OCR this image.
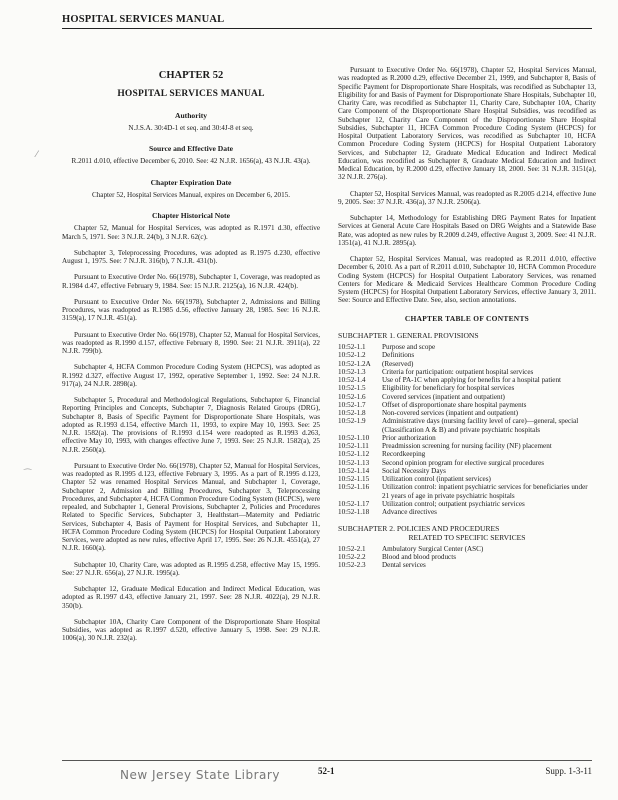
HOSPITAL SERVICES MANUAL
⁄
⁀
CHAPTER 52
HOSPITAL SERVICES MANUAL
Authority
N.J.S.A. 30:4D-1 et seq. and 30:4J-8 et seq.
Source and Effective Date
R.2011 d.010, effective December 6, 2010. See: 42 N.J.R. 1656(a), 43 N.J.R. 43(a).
Chapter Expiration Date
Chapter 52, Hospital Services Manual, expires on December 6, 2015.
Chapter Historical Note

Chapter 52, Manual for Hospital Services, was adopted as R.1971 d.30, effective March 5, 1971. See: 3 N.J.R. 24(b), 3 N.J.R. 62(c).

Subchapter 3, Teleprocessing Procedures, was adopted as R.1975 d.230, effective August 1, 1975. See: 7 N.J.R. 316(b), 7 N.J.R. 431(b).

Pursuant to Executive Order No. 66(1978), Subchapter 1, Coverage, was readopted as R.1984 d.47, effective February 9, 1984. See: 15 N.J.R. 2125(a), 16 N.J.R. 424(b).

Pursuant to Executive Order No. 66(1978), Subchapter 2, Admissions and Billing Procedures, was readopted as R.1985 d.56, effective January 28, 1985. See: 16 N.J.R. 3159(a), 17 N.J.R. 451(a).

Pursuant to Executive Order No. 66(1978), Chapter 52, Manual for Hospital Services, was readopted as R.1990 d.157, effective February 8, 1990. See: 21 N.J.R. 3911(a), 22 N.J.R. 799(b).

Subchapter 4, HCFA Common Procedure Coding System (HCPCS), was adopted as R.1992 d.327, effective August 17, 1992, operative September 1, 1992. See: 24 N.J.R. 917(a), 24 N.J.R. 2898(a).

Subchapter 5, Procedural and Methodological Regulations, Subchapter 6, Financial Reporting Principles and Concepts, Subchapter 7, Diagnosis Related Groups (DRG), Subchapter 8, Basis of Specific Payment for Disproportionate Share Hospitals, was adopted as R.1993 d.154, effective March 11, 1993, to expire May 10, 1993. See: 25 N.J.R. 1582(a). The provisions of R.1993 d.154 were readopted as R.1993 d.263, effective May 10, 1993, with changes effective June 7, 1993. See: 25 N.J.R. 1582(a), 25 N.J.R. 2560(a).

Pursuant to Executive Order No. 66(1978), Chapter 52, Manual for Hospital Services, was readopted as R.1995 d.123, effective February 3, 1995. As a part of R.1995 d.123, Chapter 52 was renamed Hospital Services Manual, and Subchapter 1, Coverage, Subchapter 2, Admission and Billing Procedures, Subchapter 3, Teleprocessing Procedures, and Subchapter 4, HCFA Common Procedure Coding System (HCPCS), were repealed, and Subchapter 1, General Provisions, Subchapter 2, Policies and Procedures Related to Specific Services, Subchapter 3, Healthstart—Maternity and Pediatric Services, Subchapter 4, Basis of Payment for Hospital Services, and Subchapter 11, HCFA Common Procedure Coding System (HCPCS) for Hospital Outpatient Laboratory Services, were adopted as new rules, effective April 17, 1995. See: 26 N.J.R. 4551(a), 27 N.J.R. 1660(a).

Subchapter 10, Charity Care, was adopted as R.1995 d.258, effective May 15, 1995. See: 27 N.J.R. 656(a), 27 N.J.R. 1995(a).

Subchapter 12, Graduate Medical Education and Indirect Medical Education, was adopted as R.1997 d.43, effective January 21, 1997. See: 28 N.J.R. 4022(a), 29 N.J.R. 350(b).

Subchapter 10A, Charity Care Component of the Disproportionate Share Hospital Subsidies, was adopted as R.1997 d.520, effective January 5, 1998. See: 29 N.J.R. 1006(a), 30 N.J.R. 232(a).

Pursuant to Executive Order No. 66(1978), Chapter 52, Hospital Services Manual, was readopted as R.2000 d.29, effective December 21, 1999, and Subchapter 8, Basis of Specific Payment for Disproportionate Share Hospitals, was recodified as Subchapter 13, Eligibility for and Basis of Payment for Disproportionate Share Hospitals, Subchapter 10, Charity Care, was recodified as Subchapter 11, Charity Care, Subchapter 10A, Charity Care Component of the Disproportionate Share Hospital Subsidies, was recodified as Subchapter 12, Charity Care Component of the Disproportionate Share Hospital Subsidies, Subchapter 11, HCFA Common Procedure Coding System (HCPCS) for Hospital Outpatient Laboratory Services, was recodified as Subchapter 10, HCFA Common Procedure Coding System (HCPCS) for Hospital Outpatient Laboratory Services, and Subchapter 12, Graduate Medical Education and Indirect Medical Education, was recodified as Subchapter 8, Graduate Medical Education and Indirect Medical Education, by R.2000 d.29, effective January 18, 2000. See: 31 N.J.R. 3151(a), 32 N.J.R. 276(a).

Chapter 52, Hospital Services Manual, was readopted as R.2005 d.214, effective June 9, 2005. See: 37 N.J.R. 436(a), 37 N.J.R. 2506(a).

Subchapter 14, Methodology for Establishing DRG Payment Rates for Inpatient Services at General Acute Care Hospitals Based on DRG Weights and a Statewide Base Rate, was adopted as new rules by R.2009 d.249, effective August 3, 2009. See: 41 N.J.R. 1351(a), 41 N.J.R. 2895(a).

Chapter 52, Hospital Services Manual, was readopted as R.2011 d.010, effective December 6, 2010. As a part of R.2011 d.010, Subchapter 10, HCFA Common Procedure Coding System (HCPCS) for Hospital Outpatient Laboratory Services, was renamed Centers for Medicare & Medicaid Services Healthcare Common Procedure Coding System (HCPCS) for Hospital Outpatient Laboratory Services, effective January 3, 2011. See: Source and Effective Date. See, also, section annotations.

CHAPTER TABLE OF CONTENTS
SUBCHAPTER 1. GENERAL PROVISIONS
10:52-1.1	Purpose and scope
10:52-1.2	Definitions
10:52-1.2A	(Reserved)
10:52-1.3	Criteria for participation: outpatient hospital services
10:52-1.4	Use of PA-1C when applying for benefits for a hospital patient
10:52-1.5	Eligibility for beneficiary for hospital services
10:52-1.6	Covered services (inpatient and outpatient)
10:52-1.7	Offset of disproportionate share hospital payments
10:52-1.8	Non-covered services (inpatient and outpatient)
10:52-1.9	Administrative days (nursing facility level of care)—general, special (Classification A & B) and private psychiatric hospitals
10:52-1.10	Prior authorization
10:52-1.11	Preadmission screening for nursing facility (NF) placement
10:52-1.12	Recordkeeping
10:52-1.13	Second opinion program for elective surgical procedures
10:52-1.14	Social Necessity Days
10:52-1.15	Utilization control (inpatient services)
10:52-1.16	Utilization control: inpatient psychiatric services for beneficiaries under 21 years of age in private psychiatric hospitals
10:52-1.17	Utilization control; outpatient psychiatric services
10:52-1.18	Advance directives
SUBCHAPTER 2. POLICIES AND PROCEDURES
RELATED TO SPECIFIC SERVICES
10:52-2.1	Ambulatory Surgical Center (ASC)
10:52-2.2	Blood and blood products
10:52-2.3	Dental services
New Jersey State Library	52-1	Supp. 1-3-11
